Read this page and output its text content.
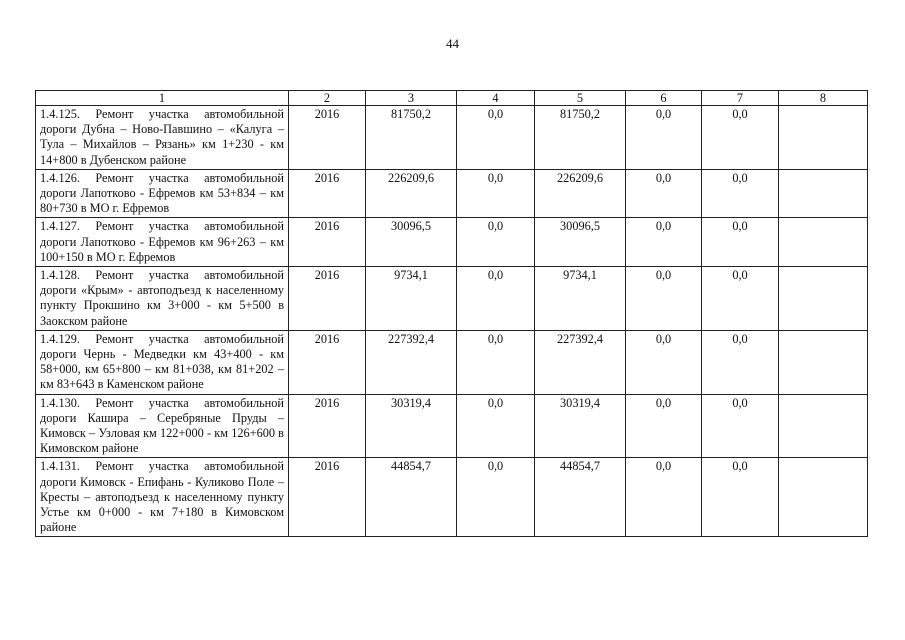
44
1	2	3	4	5	6	7	8
1.4.125. Ремонт участка автомобильной дороги Дубна – Ново-Павшино – «Калуга – Тула – Михайлов – Рязань» км 1+230 - км 14+800 в Дубенском районе	2016	81750,2	0,0	81750,2	0,0	0,0	
1.4.126. Ремонт участка автомобильной дороги Лапотково - Ефремов км 53+834 – км 80+730 в МО г. Ефремов	2016	226209,6	0,0	226209,6	0,0	0,0	
1.4.127. Ремонт участка автомобильной дороги Лапотково - Ефремов км 96+263 – км 100+150 в МО г. Ефремов	2016	30096,5	0,0	30096,5	0,0	0,0	
1.4.128. Ремонт участка автомобильной дороги «Крым» - автоподъезд к населенному пункту Прокшино км 3+000 - км 5+500 в Заокском районе	2016	9734,1	0,0	9734,1	0,0	0,0	
1.4.129. Ремонт участка автомобильной дороги Чернь - Медведки км 43+400 - км 58+000, км 65+800 – км 81+038, км 81+202 – км 83+643 в Каменском районе	2016	227392,4	0,0	227392,4	0,0	0,0	
1.4.130. Ремонт участка автомобильной дороги Кашира – Серебряные Пруды – Кимовск – Узловая км 122+000 - км 126+600 в Кимовском районе	2016	30319,4	0,0	30319,4	0,0	0,0	
1.4.131. Ремонт участка автомобильной дороги Кимовск - Епифань - Куликово Поле – Кресты – автоподъезд к населенному пункту Устье км 0+000 - км 7+180 в Кимовском районе	2016	44854,7	0,0	44854,7	0,0	0,0	
